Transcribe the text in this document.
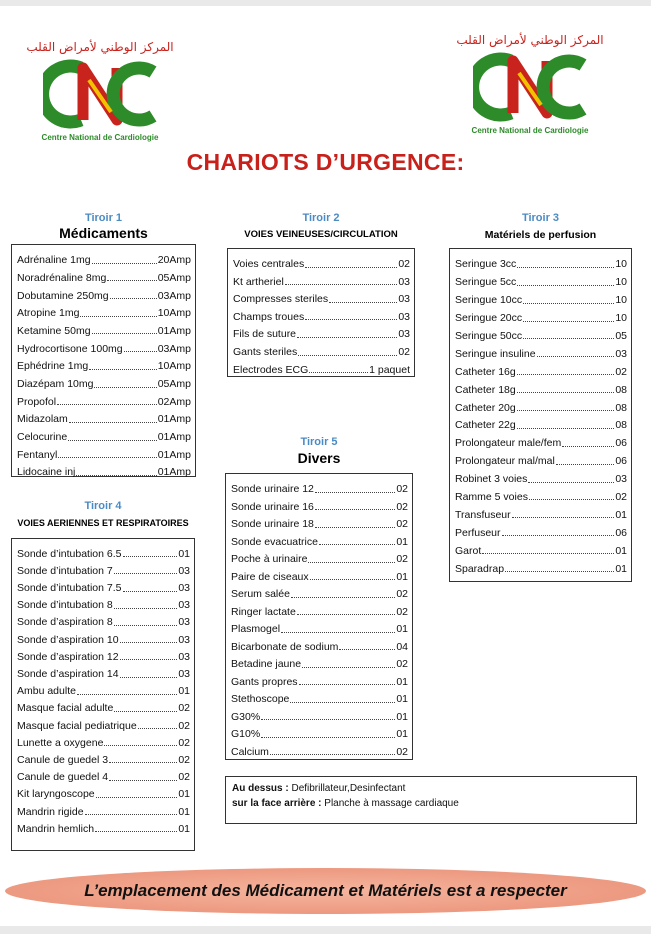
المركز الوطني لأمراض القلب
Centre National de Cardiologie
المركز الوطني لأمراض القلب
Centre National de Cardiologie
CHARIOTS D’URGENCE:
Tiroir 1
Médicaments
Adrénaline 1mg	20Amp
Noradrénaline 8mg	05Amp
Dobutamine 250mg	03Amp
Atropine 1mg	10Amp
Ketamine 50mg	01Amp
Hydrocortisone 100mg	03Amp
Ephédrine 1mg	10Amp
Diazépam 10mg	05Amp
Propofol	02Amp
Midazolam	01Amp
Celocurine	01Amp
Fentanyl	01Amp
Lidocaine inj	01Amp
Tiroir 2
VOIES VEINEUSES/CIRCULATION
Voies centrales	02
Kt artheriel	03
Compresses steriles	03
Champs troues	03
Fils de suture	03
Gants steriles	02
Electrodes ECG	1 paquet
Tiroir 3
Matériels de perfusion
Seringue 3cc	10
Seringue 5cc	10
Seringue 10cc	10
Seringue 20cc	10
Seringue 50cc	05
Seringue insuline	03
Catheter 16g	02
Catheter 18g	08
Catheter 20g	08
Catheter 22g	08
Prolongateur male/fem	06
Prolongateur mal/mal	06
Robinet 3 voies	03
Ramme 5 voies	02
Transfuseur	01
Perfuseur	06
Garot	01
Sparadrap	01
Tiroir 4
VOIES AERIENNES ET RESPIRATOIRES
Sonde d’intubation 6.5	01
Sonde d’intubation 7	03
Sonde d’intubation 7.5	03
Sonde d’intubation 8	03
Sonde d’aspiration 8	03
Sonde d’aspiration 10	03
Sonde d’aspiration 12	03
Sonde d’aspiration 14	03
Ambu adulte	01
Masque facial adulte	02
Masque facial pediatrique	02
Lunette a oxygene	02
Canule de guedel 3	02
Canule de guedel 4	02
Kit laryngoscope	01
Mandrin rigide	01
Mandrin hemlich	01
Tiroir 5
Divers
Sonde urinaire 12	02
Sonde urinaire 16	02
Sonde urinaire 18	02
Sonde evacuatrice	01
Poche à urinaire	02
Paire de ciseaux	01
Serum salée	02
Ringer lactate	02
Plasmogel	01
Bicarbonate de sodium	04
Betadine jaune	02
Gants propres	01
Stethoscope	01
G30%	01
G10%	01
Calcium	02
Au dessus : Defibrillateur,Desinfectant
sur la face arrière : Planche à massage cardiaque
L’emplacement des Médicament et Matériels est a respecter
